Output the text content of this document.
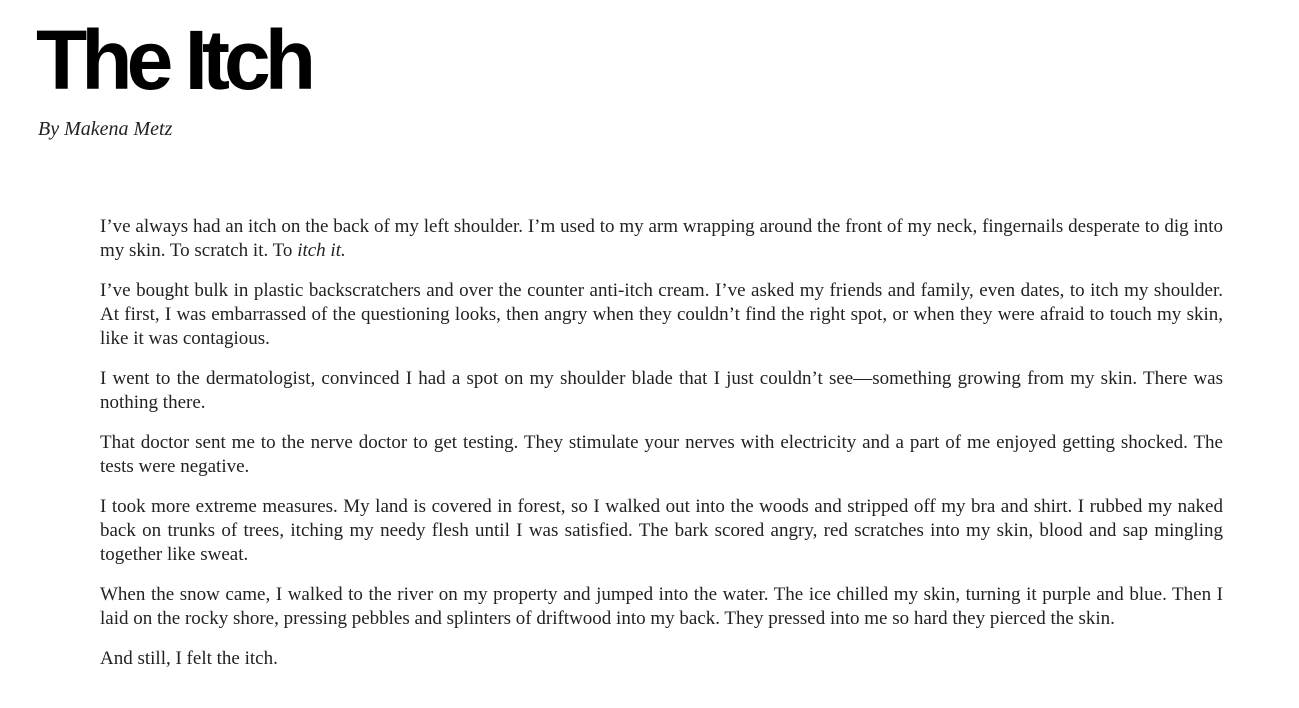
The Itch

By Makena Metz

I’ve always had an itch on the back of my left shoulder. I’m used to my arm wrapping around the front of my neck, fingernails desperate to dig into my skin. To scratch it. To itch it.

I’ve bought bulk in plastic backscratchers and over the counter anti-itch cream. I’ve asked my friends and family, even dates, to itch my shoulder. At first, I was embarrassed of the questioning looks, then angry when they couldn’t find the right spot, or when they were afraid to touch my skin, like it was contagious.

I went to the dermatologist, convinced I had a spot on my shoulder blade that I just couldn’t see—something growing from my skin. There was nothing there.

That doctor sent me to the nerve doctor to get testing. They stimulate your nerves with electricity and a part of me enjoyed getting shocked. The tests were negative.

I took more extreme measures. My land is covered in forest, so I walked out into the woods and stripped off my bra and shirt. I rubbed my naked back on trunks of trees, itching my needy flesh until I was satisfied. The bark scored angry, red scratches into my skin, blood and sap mingling together like sweat.

When the snow came, I walked to the river on my property and jumped into the water. The ice chilled my skin, turning it purple and blue. Then I laid on the rocky shore, pressing pebbles and splinters of driftwood into my back. They pressed into me so hard they pierced the skin.

And still, I felt the itch.
